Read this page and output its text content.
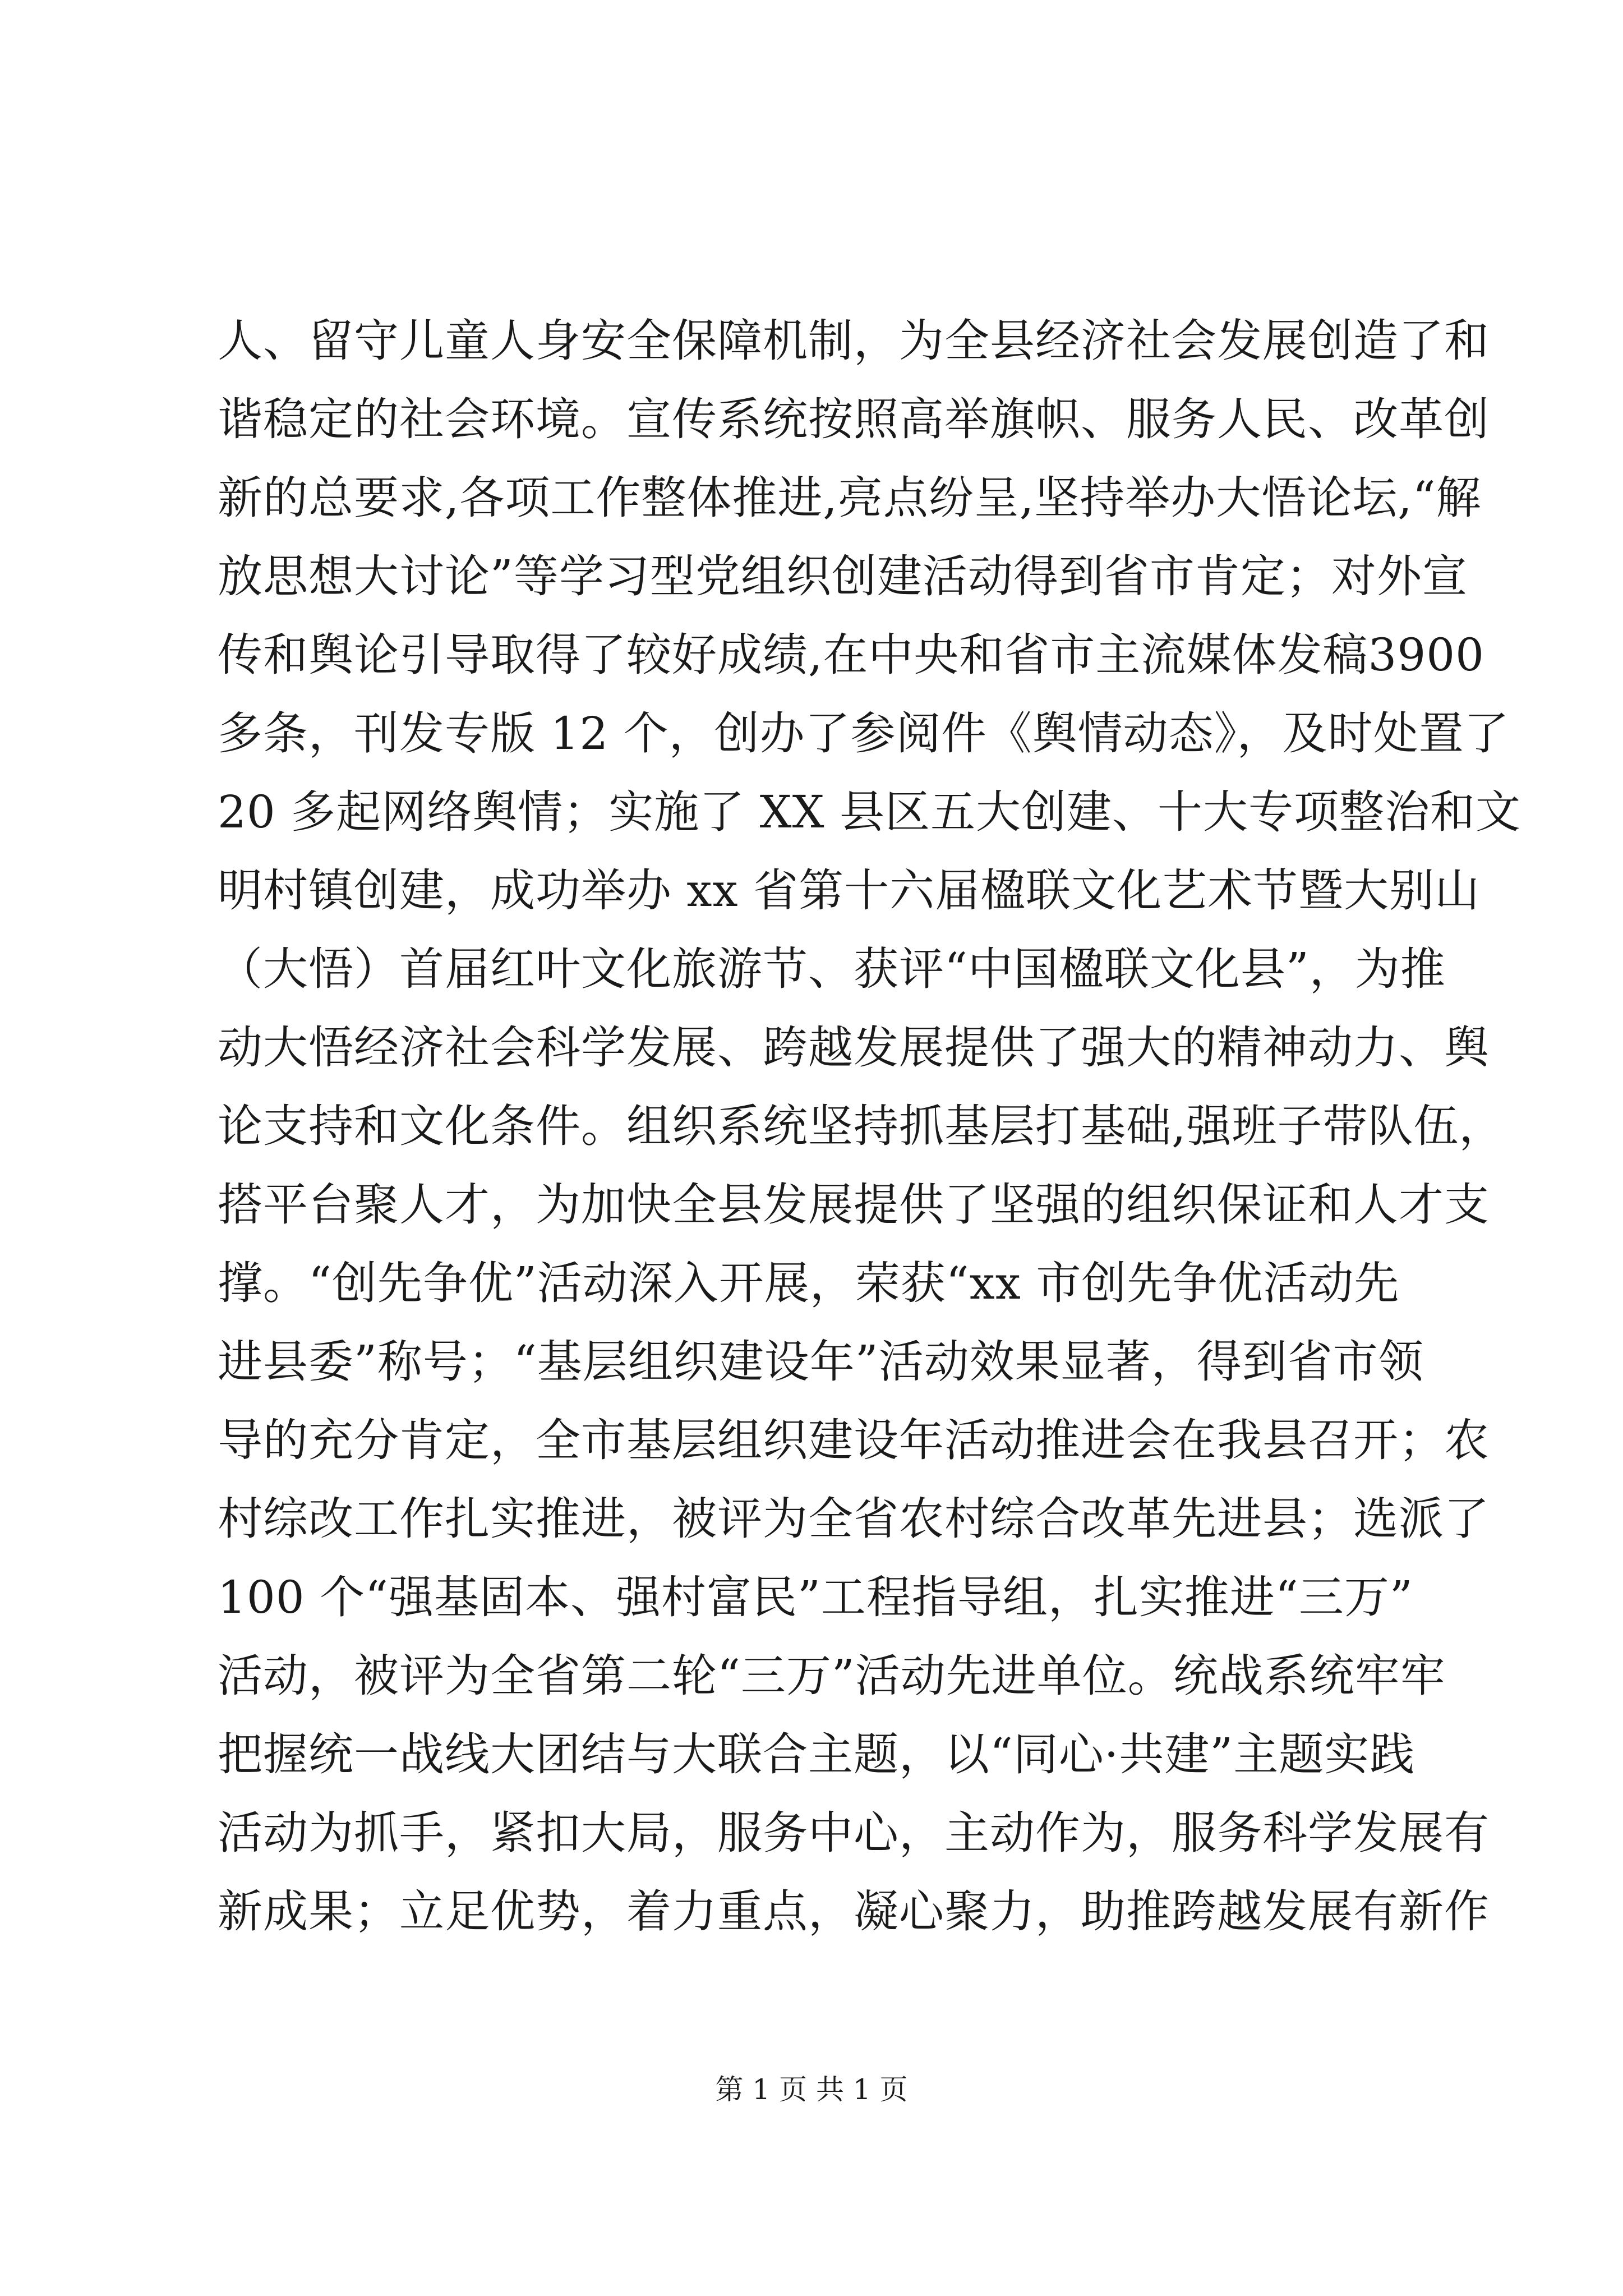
人、留守儿童人身安全保障机制，为全县经济社会发展创造了和
谐稳定的社会环境。宣传系统按照高举旗帜、服务人民、改革创
新的总要求,各项工作整体推进,亮点纷呈,坚持举办大悟论坛,“解
放思想大讨论”等学习型党组织创建活动得到省市肯定；对外宣
传和舆论引导取得了较好成绩,在中央和省市主流媒体发稿3900
多条，刊发专版 12 个，创办了参阅件《舆情动态》，及时处置了
20 多起网络舆情；实施了 XX 县区五大创建、十大专项整治和文
明村镇创建，成功举办 xx 省第十六届楹联文化艺术节暨大别山
（大悟）首届红叶文化旅游节、获评“中国楹联文化县”，为推
动大悟经济社会科学发展、跨越发展提供了强大的精神动力、舆
论支持和文化条件。组织系统坚持抓基层打基础,强班子带队伍，
搭平台聚人才，为加快全县发展提供了坚强的组织保证和人才支
撑。“创先争优”活动深入开展，荣获“xx 市创先争优活动先
进县委”称号；“基层组织建设年”活动效果显著，得到省市领
导的充分肯定，全市基层组织建设年活动推进会在我县召开；农
村综改工作扎实推进，被评为全省农村综合改革先进县；选派了
100 个“强基固本、强村富民”工程指导组，扎实推进“三万”
活动，被评为全省第二轮“三万”活动先进单位。统战系统牢牢
把握统一战线大团结与大联合主题，以“同心·共建”主题实践
活动为抓手，紧扣大局，服务中心，主动作为，服务科学发展有
新成果；立足优势，着力重点，凝心聚力，助推跨越发展有新作
第 1 页 共 1 页
